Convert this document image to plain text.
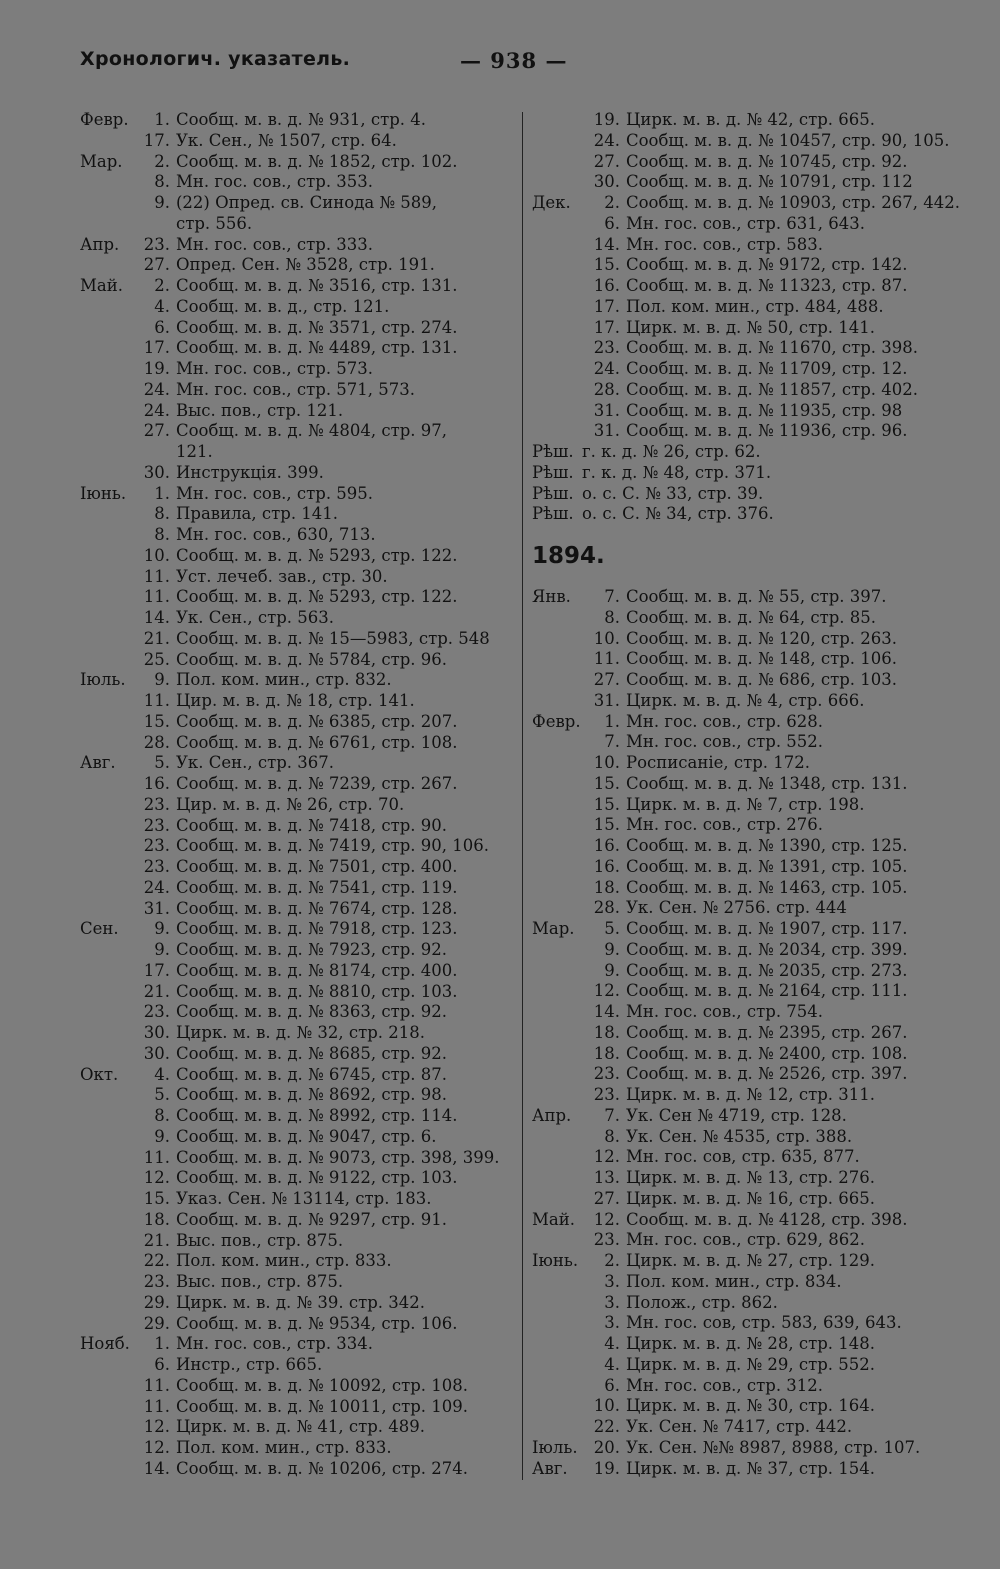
Хронологич. указатель.	— 938 —
Февр.	1. Сообщ. м. в. д. № 931, стр. 4.
17. Ук. Сен., № 1507, стр. 64.
Мар.	2. Сообщ. м. в. д. № 1852, стр. 102.
8. Мн. гос. сов., стр. 353.
9. (22) Опред. св. Синода № 589,
стр. 556.
Апр.	23. Мн. гос. сов., стр. 333.
27. Опред. Сен. № 3528, стр. 191.
Май.	2. Сообщ. м. в. д. № 3516, стр. 131.
4. Сообщ. м. в. д., стр. 121.
6. Сообщ. м. в. д. № 3571, стр. 274.
17. Сообщ. м. в. д. № 4489, стр. 131.
19. Мн. гос. сов., стр. 573.
24. Мн. гос. сов., стр. 571, 573.
24. Выс. пов., стр. 121.
27. Сообщ. м. в. д. № 4804, стр. 97,
121.
30. Инструкція. 399.
Іюнь.	1. Мн. гос. сов., стр. 595.
8. Правила, стр. 141.
8. Мн. гос. сов., 630, 713.
10. Сообщ. м. в. д. № 5293, стр. 122.
11. Уст. лечеб. зав., стр. 30.
11. Сообщ. м. в. д. № 5293, стр. 122.
14. Ук. Сен., стр. 563.
21. Сообщ. м. в. д. № 15—5983, стр. 548
25. Сообщ. м. в. д. № 5784, стр. 96.
Іюль.	9. Пол. ком. мин., стр. 832.
11. Цир. м. в. д. № 18, стр. 141.
15. Сообщ. м. в. д. № 6385, стр. 207.
28. Сообщ. м. в. д. № 6761, стр. 108.
Авг.	5. Ук. Сен., стр. 367.
16. Сообщ. м. в. д. № 7239, стр. 267.
23. Цир. м. в. д. № 26, стр. 70.
23. Сообщ. м. в. д. № 7418, стр. 90.
23. Сообщ. м. в. д. № 7419, стр. 90, 106.
23. Сообщ. м. в. д. № 7501, стр. 400.
24. Сообщ. м. в. д. № 7541, стр. 119.
31. Сообщ. м. в. д. № 7674, стр. 128.
Сен.	9. Сообщ. м. в. д. № 7918, стр. 123.
9. Сообщ. м. в. д. № 7923, стр. 92.
17. Сообщ. м. в. д. № 8174, стр. 400.
21. Сообщ. м. в. д. № 8810, стр. 103.
23. Сообщ. м. в. д. № 8363, стр. 92.
30. Цирк. м. в. д. № 32, стр. 218.
30. Сообщ. м. в. д. № 8685, стр. 92.
Окт.	4. Сообщ. м. в. д. № 6745, стр. 87.
5. Сообщ. м. в. д. № 8692, стр. 98.
8. Сообщ. м. в. д. № 8992, стр. 114.
9. Сообщ. м. в. д. № 9047, стр. 6.
11. Сообщ. м. в. д. № 9073, стр. 398, 399.
12. Сообщ. м. в. д. № 9122, стр. 103.
15. Указ. Сен. № 13114, стр. 183.
18. Сообщ. м. в. д. № 9297, стр. 91.
21. Выс. пов., стр. 875.
22. Пол. ком. мин., стр. 833.
23. Выс. пов., стр. 875.
29. Цирк. м. в. д. № 39. стр. 342.
29. Сообщ. м. в. д. № 9534, стр. 106.
Нояб.	1. Мн. гос. сов., стр. 334.
6. Инстр., стр. 665.
11. Сообщ. м. в. д. № 10092, стр. 108.
11. Сообщ. м. в. д. № 10011, стр. 109.
12. Цирк. м. в. д. № 41, стр. 489.
12. Пол. ком. мин., стр. 833.
14. Сообщ. м. в. д. № 10206, стр. 274.
19. Цирк. м. в. д. № 42, стр. 665.
24. Сообщ. м. в. д. № 10457, стр. 90, 105.
27. Сообщ. м. в. д. № 10745, стр. 92.
30. Сообщ. м. в. д. № 10791, стр. 112
Дек.	2. Сообщ. м. в. д. № 10903, стр. 267, 442.
6. Мн. гос. сов., стр. 631, 643.
14. Мн. гос. сов., стр. 583.
15. Сообщ. м. в. д. № 9172, стр. 142.
16. Сообщ. м. в. д. № 11323, стр. 87.
17. Пол. ком. мин., стр. 484, 488.
17. Цирк. м. в. д. № 50, стр. 141.
23. Сообщ. м. в. д. № 11670, стр. 398.
24. Сообщ. м. в. д. № 11709, стр. 12.
28. Сообщ. м. в. д. № 11857, стр. 402.
31. Сообщ. м. в. д. № 11935, стр. 98
31. Сообщ. м. в. д. № 11936, стр. 96.
Рѣш. г. к. д. № 26, стр. 62.
Рѣш. г. к. д. № 48, стр. 371.
Рѣш. о. с. С. № 33, стр. 39.
Рѣш. о. с. С. № 34, стр. 376.
1894.
Янв.	7. Сообщ. м. в. д. № 55, стр. 397.
8. Сообщ. м. в. д. № 64, стр. 85.
10. Сообщ. м. в. д. № 120, стр. 263.
11. Сообщ. м. в. д. № 148, стр. 106.
27. Сообщ. м. в. д. № 686, стр. 103.
31. Цирк. м. в. д. № 4, стр. 666.
Февр.	1. Мн. гос. сов., стр. 628.
7. Мн. гос. сов., стр. 552.
10. Росписаніе, стр. 172.
15. Сообщ. м. в. д. № 1348, стр. 131.
15. Цирк. м. в. д. № 7, стр. 198.
15. Мн. гос. сов., стр. 276.
16. Сообщ. м. в. д. № 1390, стр. 125.
16. Сообщ. м. в. д. № 1391, стр. 105.
18. Сообщ. м. в. д. № 1463, стр. 105.
28. Ук. Сен. № 2756. стр. 444
Мар.	5. Сообщ. м. в. д. № 1907, стр. 117.
9. Сообщ. м. в. д. № 2034, стр. 399.
9. Сообщ. м. в. д. № 2035, стр. 273.
12. Сообщ. м. в. д. № 2164, стр. 111.
14. Мн. гос. сов., стр. 754.
18. Сообщ. м. в. д. № 2395, стр. 267.
18. Сообщ. м. в. д. № 2400, стр. 108.
23. Сообщ. м. в. д. № 2526, стр. 397.
23. Цирк. м. в. д. № 12, стр. 311.
Апр.	7. Ук. Сен № 4719, стр. 128.
8. Ук. Сен. № 4535, стр. 388.
12. Мн. гос. сов, стр. 635, 877.
13. Цирк. м. в. д. № 13, стр. 276.
27. Цирк. м. в. д. № 16, стр. 665.
Май.	12. Сообщ. м. в. д. № 4128, стр. 398.
23. Мн. гос. сов., стр. 629, 862.
Іюнь.	2. Цирк. м. в. д. № 27, стр. 129.
3. Пол. ком. мин., стр. 834.
3. Полож., стр. 862.
3. Мн. гос. сов, стр. 583, 639, 643.
4. Цирк. м. в. д. № 28, стр. 148.
4. Цирк. м. в. д. № 29, стр. 552.
6. Мн. гос. сов., стр. 312.
10. Цирк. м. в. д. № 30, стр. 164.
22. Ук. Сен. № 7417, стр. 442.
Іюль. 20. Ук. Сен. №№ 8987, 8988, стр. 107.
Авг.	19. Цирк. м. в. д. № 37, стр. 154.
